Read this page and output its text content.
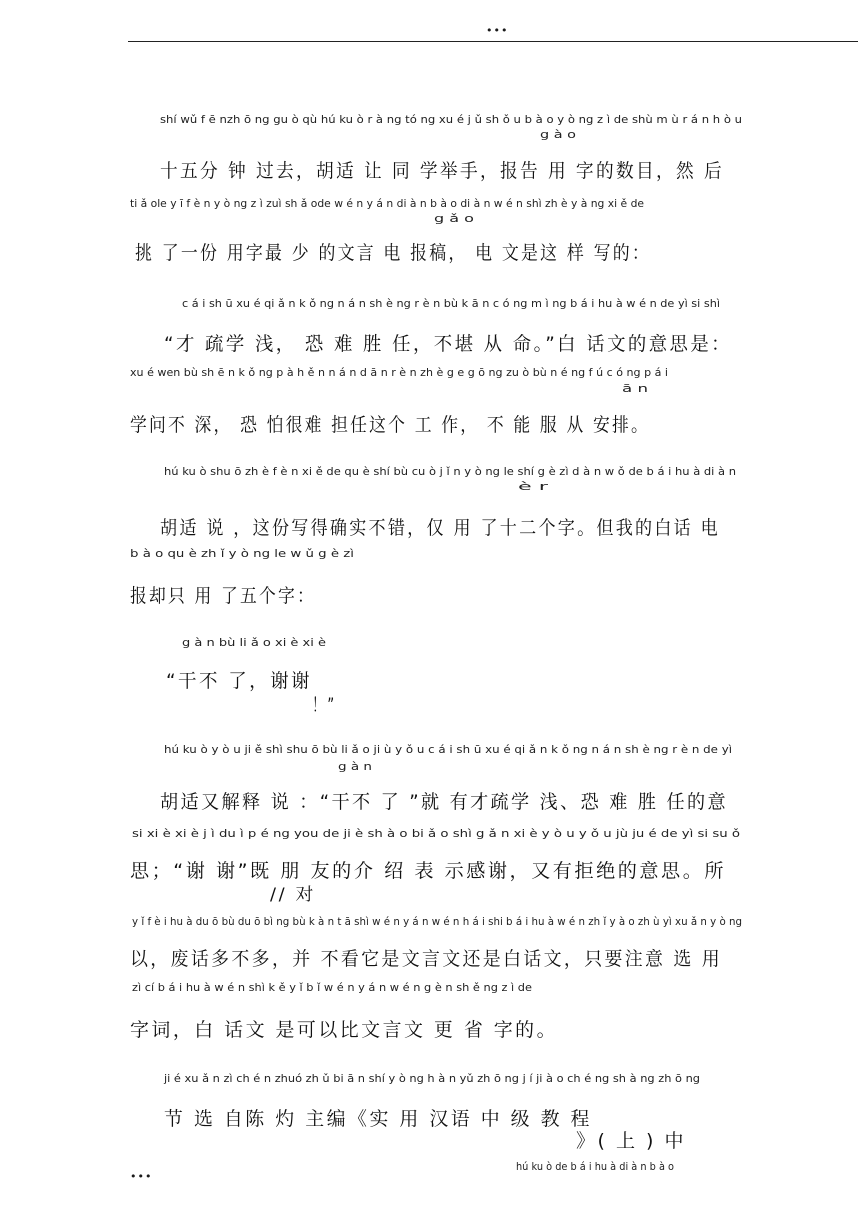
•••
shí wǔ f ē nzh ō ng gu ò qù hú ku ò r à ng tó ng xu é j ǔ sh ǒ u b à o y ò ng z ì de shù m ù r á n h ò u
g à o
十五分 钟 过去，胡适 让 同 学举手，报告 用 字的数目，然 后
ti ǎ ole y ī f è n y ò ng z ì zuì sh ǎ ode w é n y á n di à n b à o di à n w é n shì zh è y à ng xi ě de
g ǎ o
挑 了一份 用字最 少 的文言 电 报稿， 电 文是这 样 写的：
c á i sh ū xu é qi ǎ n k ǒ ng n á n sh è ng r è n bù k ā n c ó ng m ì ng b á i hu à w é n de yì si shì
“才 疏学 浅， 恐 难 胜 任，不堪 从 命。”白 话文的意思是：
xu é wen bù sh ē n k ǒ ng p à h ě n n á n d ā n r è n zh è g e g ō ng zu ò bù n é ng f ú c ó ng p á i
ā n
学问不 深， 恐 怕很难 担任这个 工 作， 不 能 服 从 安排。
hú ku ò shu ō zh è f è n xi ě de qu è shí bù cu ò j ǐ n y ò ng le shí g è zì d à n w ǒ de b á i hu à di à n
è r
胡适 说 ，这份写得确实不错，仅 用 了十二个字。但我的白话 电
b à o qu è zh ǐ y ò ng le w ǔ g è zì
报却只 用 了五个字：
g à n bù li ǎ o xi è xi è
“干不 了，谢谢
！”
hú ku ò y ò u ji ě shì shu ō bù li ǎ o ji ù y ǒ u c á i sh ū xu é qi ǎ n k ǒ ng n á n sh è ng r è n de yì
g à n
胡适又解释 说 ：“干不 了 ”就 有才疏学 浅、恐 难 胜 任的意
si xi è xi è j ì du ì p é ng you de ji è sh à o bi ǎ o shì g ǎ n xi è y ò u y ǒ u jù ju é de yì si su ǒ
思；“谢 谢”既 朋 友的介 绍 表 示感谢，又有拒绝的意思。所
// 对
y ǐ f è i hu à du ō bù du ō bì ng bù k à n t ā shì w é n y á n w é n h á i shi b á i hu à w é n zh ǐ y à o zh ù yì xu ǎ n y ò ng
以，废话多不多，并 不看它是文言文还是白话文，只要注意 选 用
zì cí b á i hu à w é n shì k ě y ǐ b ǐ w é n y á n w é n g è n sh ě ng z ì de
字词，白 话文 是可以比文言文 更 省 字的。
ji é xu ǎ n zì ch é n zhuó zh ǔ bi ā n shí y ò ng h à n yǔ zh ō ng j í ji à o ch é ng sh à ng zh ō ng
节 选 自陈 灼 主编《实 用 汉语 中 级 教 程
》( 上 ) 中
hú ku ò de b á i hu à di à n b à o
•••
